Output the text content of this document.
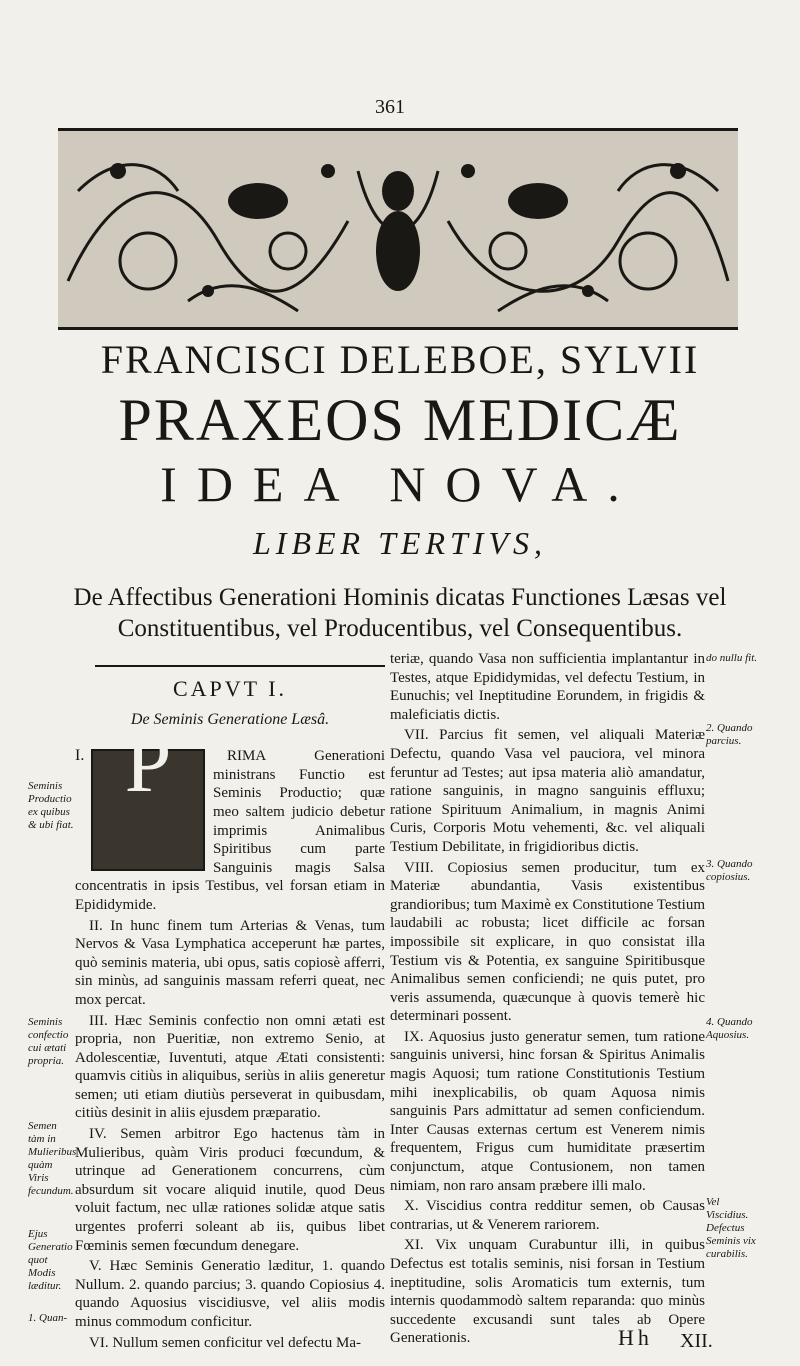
361
FRANCISCI DELEBOE, SYLVII
PRAXEOS MEDICÆ
IDEA NOVA.
LIBER TERTIVS,
De Affectibus Generationi Hominis dicatas Functiones Læsas vel Constituentibus, vel Producentibus, vel Consequentibus.
CAPVT I.
De Seminis Generatione Læsâ.
I. P	RIMA Generationi ministrans Functio est Seminis Productio; quæ meo saltem judicio debetur imprimis Animalibus Spiritibus cum parte Sanguinis magis Salsa concentratis in ipsis Testibus, vel forsan etiam in Epididymide.

II. In hunc finem tum Arterias & Venas, tum Nervos & Vasa Lymphatica acceperunt hæ partes, quò seminis materia, ubi opus, satis copiosè afferri, sin minùs, ad sanguinis massam referri queat, nec mox percat.

III. Hæc Seminis confectio non omni ætati est propria, non Pueritiæ, non extremo Senio, at Adolescentiæ, Iuventuti, atque Ætati consistenti: quamvis citiùs in aliquibus, seriùs in aliis generetur semen; uti etiam diutiùs perseverat in quibusdam, citiùs desinit in aliis ejusdem præparatio.

IV. Semen arbitror Ego hactenus tàm in Mulieribus, quàm Viris produci fœcundum, & utrinque ad Generationem concurrens, cùm absurdum sit vocare aliquid inutile, quod Deus voluit factum, nec ullæ rationes solidæ atque satis urgentes proferri soleant ab iis, quibus libet Fœminis semen fœcundum denegare.

V. Hæc Seminis Generatio læditur, 1. quando Nullum. 2. quando parcius; 3. quando Copiosius 4. quando Aquosius viscidiusve, vel aliis modis minus commodum conficitur.

VI. Nullum semen conficitur vel defectu Ma-

teriæ, quando Vasa non sufficientia implantantur in Testes, atque Epididymidas, vel defectu Testium, in Eunuchis; vel Ineptitudine Eorundem, in frigidis & maleficiatis dictis.

VII. Parcius fit semen, vel aliquali Materiæ Defectu, quando Vasa vel pauciora, vel minora feruntur ad Testes; aut ipsa materia aliò amandatur, ratione sanguinis, in magno sanguinis effluxu; ratione Spirituum Animalium, in magnis Animi Curis, Corporis Motu vehementi, &c. vel aliquali Testium Debilitate, in frigidioribus dictis.

VIII. Copiosius semen producitur, tum ex Materiæ abundantia, Vasis existentibus grandioribus; tum Maximè ex Constitutione Testium laudabili ac robusta; licet difficile ac forsan impossibile sit explicare, in quo consistat illa Testium vis & Potentia, ex sanguine Spiritibusque Animalibus semen conficiendi; ne quis putet, pro veris assumenda, quæcunque à quovis temerè hic determinari possent.

IX. Aquosius justo generatur semen, tum ratione sanguinis universi, hinc forsan & Spiritus Animalis magis Aquosi; tum ratione Constitutionis Testium mihi inexplicabilis, ob quam Aquosa nimis sanguinis Pars admittatur ad semen conficiendum. Inter Causas externas certum est Venerem nimis frequentem, Frigus cum humiditate præsertim conjunctum, atque Contusionem, non tamen nimiam, non raro ansam præbere illi malo.

X. Viscidius contra redditur semen, ob Causas contrarias, ut & Venerem rariorem.

XI. Vix unquam Curabuntur illi, in quibus Defectus est totalis seminis, nisi forsan in Testium ineptitudine, solis Aromaticis tum externis, tum internis quodammodò saltem reparanda: quo minùs succedente excusandi sunt tales ab Opere Generationis.

Seminis Productio ex quibus & ubi fiat.
Seminis confectio cui ætati propria.
Semen tàm in Mulieribus quàm Viris fecundum.
Ejus Generatio quot Modis læditur.
1. Quan-
do nullu fit.
2. Quando parcius.
3. Quando copiosius.
4. Quando Aquosius.
Vel Viscidius. Defectus Seminis vix curabilis.
Hh XII.
